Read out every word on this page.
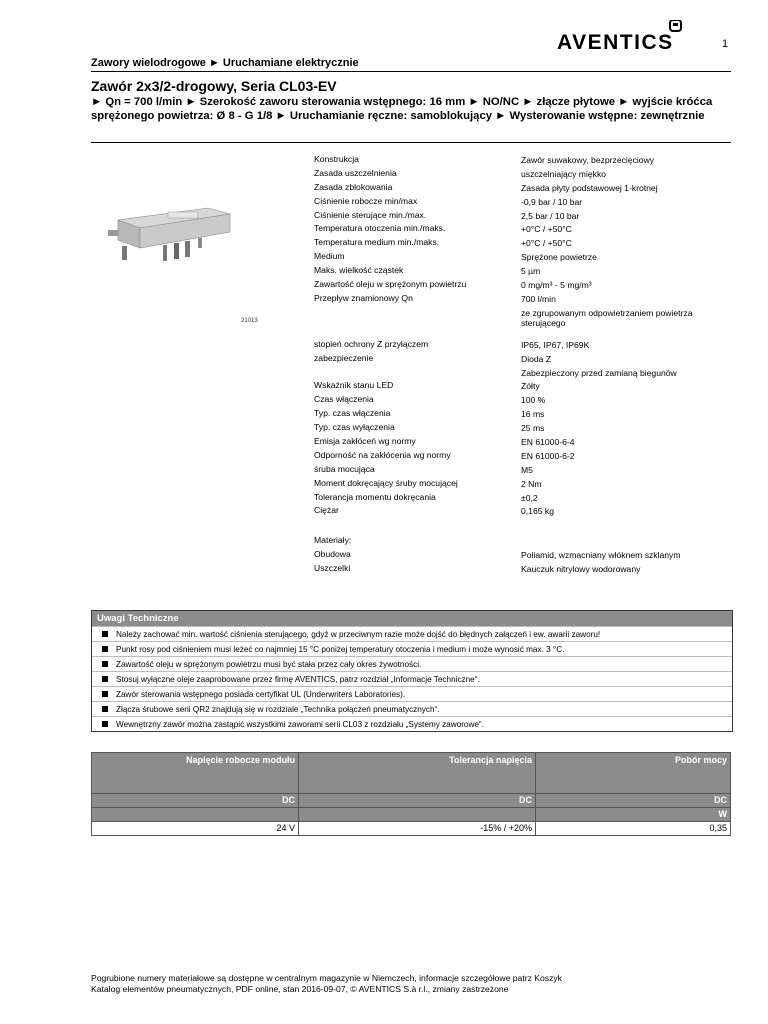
AVENTICS	1
Zawory wielodrogowe ► Uruchamiane elektrycznie
Zawór 2x3/2-drogowy, Seria CL03-EV
► Qn = 700 l/min ► Szerokość zaworu sterowania wstępnego: 16 mm ► NO/NC ► złącze płytowe ► wyjście króćca sprężonego powietrza: Ø 8 - G 1/8 ► Uruchamianie ręczne: samoblokujący ► Wysterowanie wstępne: zewnętrznie
21013
Konstrukcja	Zawór suwakowy, bezprzecięciowy
Zasada uszczelnienia	uszczelniający miękko
Zasada zblokowania	Zasada płyty podstawowej 1-krotnej
Ciśnienie robocze min/max	-0,9 bar / 10 bar
Ciśnienie sterujące min./max.	2,5 bar / 10 bar
Temperatura otoczenia min./maks.	+0°C / +50°C
Temperatura medium min./maks.	+0°C / +50°C
Medium	Sprężone powietrze
Maks. wielkość cząstek	5 µm
Zawartość oleju w sprężonym powietrzu	0 mg/m³ - 5 mg/m³
Przepływ znamionowy Qn	700 l/min
ze zgrupowanym odpowietrzaniem powietrza sterującego
stopień ochrony Z przyłączem	IP65, IP67, IP69K
zabezpieczenie	Dioda Z
Zabezpieczony przed zamianą biegunów
Wskaźnik stanu LED	Żółty
Czas włączenia	100 %
Typ. czas włączenia	16 ms
Typ. czas wyłączenia	25 ms
Emisja zakłóceń wg normy	EN 61000-6-4
Odporność na zakłócenia wg normy	EN 61000-6-2
śruba mocująca	M5
Moment dokręcający śruby mocującej	2 Nm
Tolerancja momentu dokręcania	±0,2
Ciężar	0,165 kg
Materiały:
Obudowa	Poliamid, wzmacniany włóknem szklanym
Uszczelki	Kauczuk nitrylowy wodorowany
Uwagi Techniczne
Należy zachować min. wartość ciśnienia sterującego, gdyż w przeciwnym razie może dojść do błędnych załączeń i ew. awarii zaworu!
Punkt rosy pod ciśnieniem musi leżeć co najmniej 15 °C poniżej temperatury otoczenia i medium i może wynosić max. 3 °C.
Zawartość oleju w sprężonym powietrzu musi być stała przez cały okres żywotności.
Stosuj wyłączne oleje zaaprobowane przez firmę AVENTICS, patrz rozdział „Informacje Techniczne“.
Zawór sterowania wstępnego posiada certyfikat UL (Underwriters Laboratories).
Złącza śrubowe serii QR2 znajdują się w rozdziale „Technika połączeń pneumatycznych“.
Wewnętrzny zawór można zastąpić wszystkimi zaworami serii CL03 z rozdziału „Systemy zaworowe“.
Napięcie robocze modułu	Tolerancja napięcia	Pobór mocy
DC	DC	DC
		W
24 V	-15% / +20%	0,35
Pogrubione numery materiałowe są dostępne w centralnym magazynie w Niemczech, informacje szczegółowe patrz Koszyk
Katalog elementów pneumatycznych, PDF online, stan 2016-09-07, © AVENTICS S.à r.l., zmiany zastrzeżone
